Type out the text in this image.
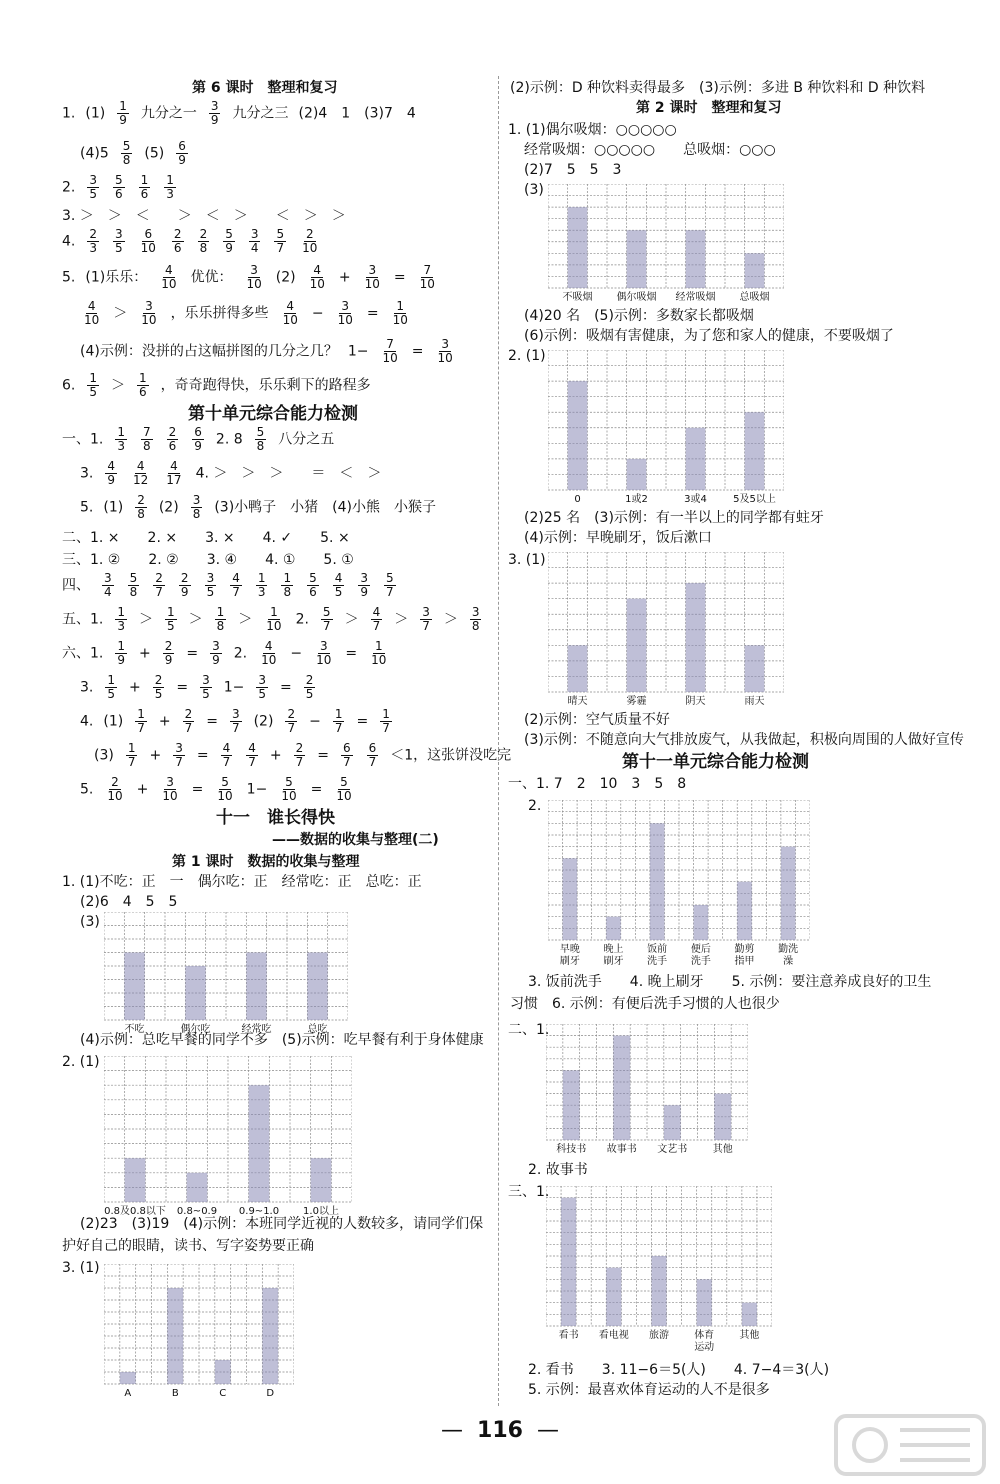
第 6 课时　整理和复习
1. $(1) \frac{1}{9}$ 九分之一 $\frac{3}{9}$ 九分之三 (2)4　1　(3)7　4
$(4)5 \frac{5}{8} (5) \frac{6}{9}$
2. $\frac{3}{5} \frac{5}{6} \frac{1}{6} \frac{1}{3}$
3. ＞　＞　＜　　＞　＜　＞　　＜　＞　＞
4. $\frac{2}{3} \frac{3}{5} \frac{6}{10} \frac{2}{6} \frac{2}{8} \frac{5}{9} \frac{3}{4} \frac{5}{7} \frac{2}{10}$
5. (1)乐乐： $\frac{4}{10}$ 优优： $\frac{3}{10} (2) \frac{4}{10} + \frac{3}{10} = \frac{7}{10}$
$\frac{4}{10} > \frac{3}{10}$ ，乐乐拼得多些 $\frac{4}{10} - \frac{3}{10} = \frac{1}{10}$
(4)示例：没拼的占这幅拼图的几分之几？ $1- \frac{7}{10} = \frac{3}{10}$
6. $\frac{1}{5} > \frac{1}{6}$ ，奇奇跑得快，乐乐剩下的路程多
第十单元综合能力检测
一、1. $\frac{1}{3} \frac{7}{8} \frac{2}{6} \frac{6}{9} 2$. $8 \frac{5}{8}$ 八分之五
3. $\frac{4}{9} \frac{4}{12} \frac{4}{17} 4$. ＞　＞　＞　　＝　＜　＞
5. $(1) \frac{2}{8} (2) \frac{3}{8} (3)$小鸭子　小猪　(4)小熊　小猴子
二、1. ×　　2. ×　　3. ×　　4. ✓　　5. ×
三、1. ②　　2. ②　　3. ④　　4. ①　　5. ①
四、 $\frac{3}{4} \frac{5}{8} \frac{2}{7} \frac{2}{9} \frac{3}{5} \frac{4}{7} \frac{1}{3} \frac{1}{8} \frac{5}{6} \frac{4}{5} \frac{3}{9} \frac{5}{7}$
五、1. $\frac{1}{3} > \frac{1}{5} > \frac{1}{8} > \frac{1}{10} 2$. $\frac{5}{7} > \frac{4}{7} > \frac{3}{7} > \frac{3}{8}$
六、1. $\frac{1}{9} + \frac{2}{9} = \frac{3}{9} 2$. $\frac{4}{10} - \frac{3}{10} = \frac{1}{10}$
3. $\frac{1}{5} + \frac{2}{5} = \frac{3}{5} 1- \frac{3}{5} = \frac{2}{5}$
4. $(1) \frac{1}{7} + \frac{2}{7} = \frac{3}{7} (2) \frac{2}{7} - \frac{1}{7} = \frac{1}{7}$
$(3) \frac{1}{7} + \frac{3}{7} = \frac{4}{7} \frac{4}{7} + \frac{2}{7} = \frac{6}{7} \frac{6}{7} <1$，这张饼没吃完
5. $\frac{2}{10} + \frac{3}{10} = \frac{5}{10} 1- \frac{5}{10} = \frac{5}{10}$
十一　谁长得快
——数据的收集与整理(二)
第 1 课时　数据的收集与整理
1. (1)不吃：正　一　偶尔吃：正　经常吃：正　总吃：正
(2)6　4　5　5
(3)
不吃	偶尔吃	经常吃	总吃
(4)示例：总吃早餐的同学不多　(5)示例：吃早餐有利于身体健康
2. (1)
0.8及0.8以下 0.8~0.9 0.9~1.0 1.0以上
(2)23　(3)19　(4)示例：本班同学近视的人数较多，请同学们保
护好自己的眼睛，读书、写字姿势要正确
3. (1)
A	B	C	D
(2)示例：D 种饮料卖得最多　(3)示例：多进 B 种饮料和 D 种饮料
第 2 课时　整理和复习
1. (1)偶尔吸烟：○○○○○
经常吸烟：○○○○○　　总吸烟：○○○
(2)7　5　5　3
(3)
不吸烟 偶尔吸烟 经常吸烟 总吸烟
(4)20 名　(5)示例：多数家长都吸烟
(6)示例：吸烟有害健康，为了您和家人的健康，不要吸烟了
2. (1)
0	1或2	3或4	5及5以上
(2)25 名　(3)示例：有一半以上的同学都有蛀牙
(4)示例：早晚刷牙，饭后漱口
3. (1)
晴天	雾霾	阴天	雨天
(2)示例：空气质量不好
(3)示例：不随意向大气排放废气，从我做起，积极向周围的人做好宣传
第十一单元综合能力检测
一、1. 7　2　10　3　5　8
2.
早晚
刷牙
晚上
刷牙
饭前
洗手
便后
洗手
勤剪
指甲
勤洗
澡
3. 饭前洗手　　4. 晚上刷牙　　5. 示例：要注意养成良好的卫生
习惯　6. 示例：有便后洗手习惯的人也很少
二、1.
科技书 故事书 文艺书	其他
2. 故事书
三、1.
看书 看电视 旅游	体育
运动
其他
2. 看书　　3. 11−6＝5(人)　　4. 7−4＝3(人)
5. 示例：最喜欢体育运动的人不是很多
— 116 —
